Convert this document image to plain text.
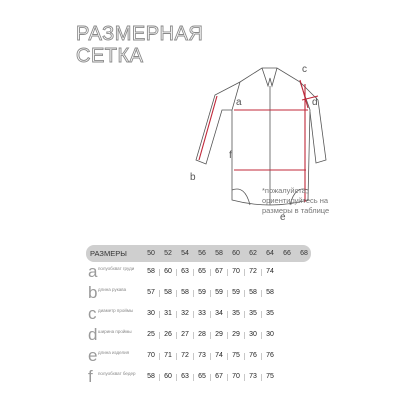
РАЗМЕРНАЯ
СЕТКА
a
b
c
d
e
f
*пожалуйста, ориентируйтесь на размеры в таблице
РАЗМЕРЫ	50	52	54	56	58	60	62	64	66	68
a полуобхват груди	58	60	63	65	67	70	72	74
b длина рукава	57	58	58	59	59	59	58	58
c диаметр проймы	30	31	32	33	34	35	35	35
d ширина проймы	25	26	27	28	29	29	30	30
e длина изделия	70	71	72	73	74	75	76	76
f полуобхват бедер	58	60	63	65	67	70	73	75
